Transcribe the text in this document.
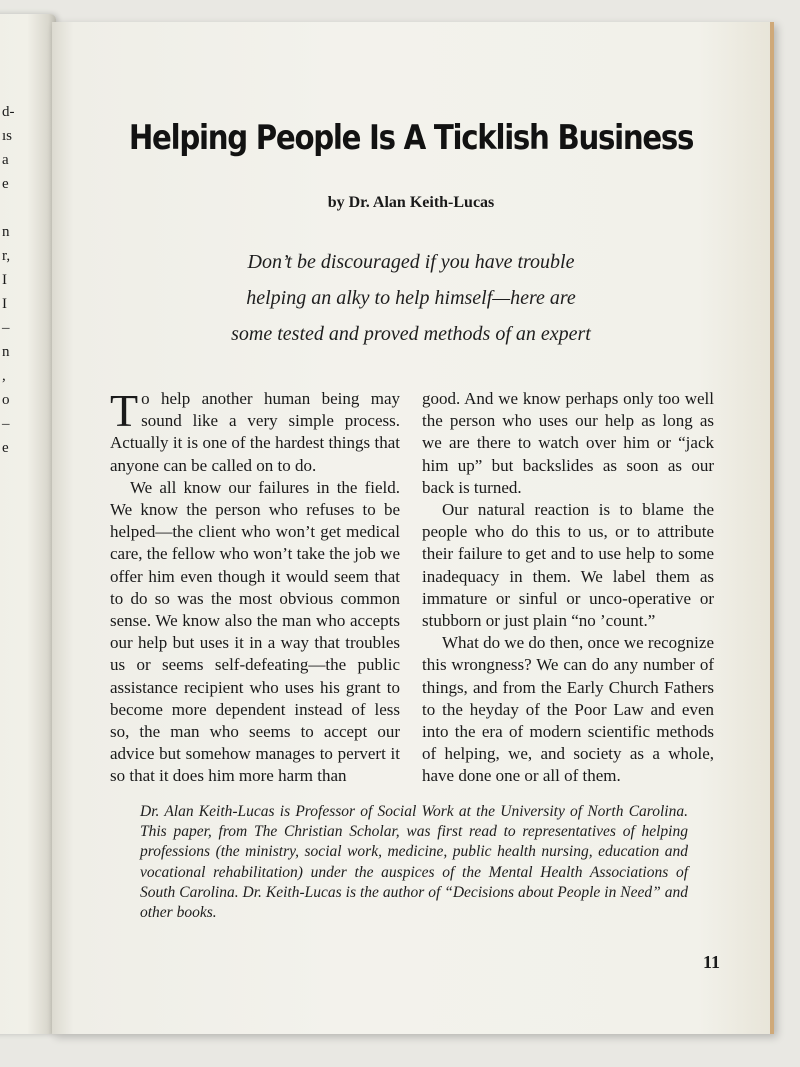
d-
ıs
a
e
n
r,
I
I
–
n
,
o
–
e
Helping People Is A Ticklish Business
by Dr. Alan Keith-Lucas
Don’t be discouraged if you have trouble
helping an alky to help himself—here are
some tested and proved methods of an expert

To help another human being may sound like a very simple process. Actually it is one of the hardest things that anyone can be called on to do.

We all know our failures in the field. We know the person who refuses to be helped—the client who won’t get medical care, the fellow who won’t take the job we offer him even though it would seem that to do so was the most obvious common sense. We know also the man who accepts our help but uses it in a way that troubles us or seems self-defeating—the public assistance recipient who uses his grant to become more dependent instead of less so, the man who seems to accept our advice but somehow manages to pervert it so that it does him more harm than

good. And we know perhaps only too well the person who uses our help as long as we are there to watch over him or “jack him up” but backslides as soon as our back is turned.

Our natural reaction is to blame the people who do this to us, or to attribute their failure to get and to use help to some inadequacy in them. We label them as immature or sinful or unco-operative or stubborn or just plain “no ’count.”

What do we do then, once we recognize this wrongness? We can do any number of things, and from the Early Church Fathers to the heyday of the Poor Law and even into the era of modern scientific methods of helping, we, and society as a whole, have done one or all of them.

Dr. Alan Keith-Lucas is Professor of Social Work at the University of North Carolina. This paper, from The Christian Scholar, was first read to representatives of helping professions (the ministry, social work, medicine, public health nursing, education and vocational rehabilitation) under the auspices of the Mental Health Associations of South Carolina. Dr. Keith-Lucas is the author of “Decisions about People in Need” and other books.
11
